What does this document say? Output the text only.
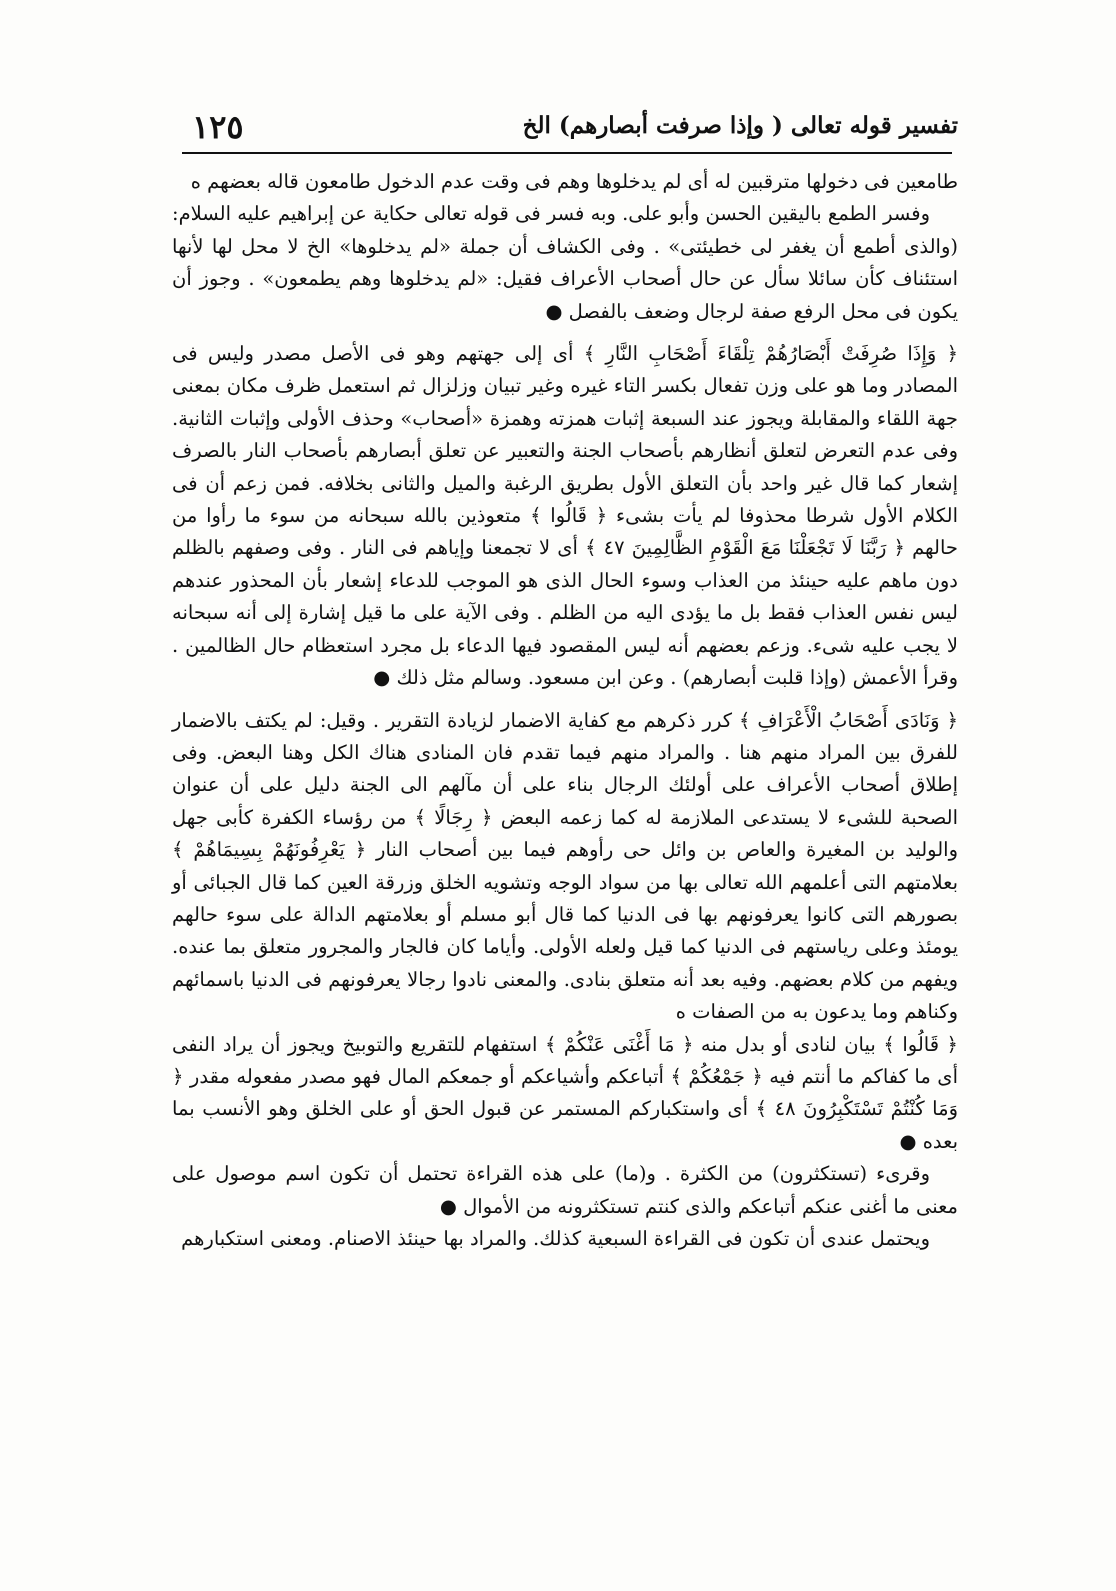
تفسير قوله تعالى ( وإذا صرفت أبصارهم) الخ
١٢٥

طامعين فى دخولها مترقبين له أى لم يدخلوها وهم فى وقت عدم الدخول طامعون قاله بعضهم ه

وفسر الطمع باليقين الحسن وأبو على. وبه فسر فى قوله تعالى حكاية عن إبراهيم عليه السلام: (والذى أطمع أن يغفر لى خطيئتى» . وفى الكشاف أن جملة «لم يدخلوها» الخ لا محل لها لأنها استئناف كأن سائلا سأل عن حال أصحاب الأعراف فقيل: «لم يدخلوها وهم يطمعون» . وجوز أن يكون فى محل الرفع صفة لرجال وضعف بالفصل ●

﴿ وَإِذَا صُرِفَتْ أَبْصَارُهُمْ تِلْقَاءَ أَصْحَابِ النَّارِ ﴾ أى إلى جهتهم وهو فى الأصل مصدر وليس فى المصادر وما هو على وزن تفعال بكسر التاء غيره وغير تبيان وزلزال ثم استعمل ظرف مكان بمعنى جهة اللقاء والمقابلة ويجوز عند السبعة إثبات همزته وهمزة «أصحاب» وحذف الأولى وإثبات الثانية. وفى عدم التعرض لتعلق أنظارهم بأصحاب الجنة والتعبير عن تعلق أبصارهم بأصحاب النار بالصرف إشعار كما قال غير واحد بأن التعلق الأول بطريق الرغبة والميل والثانى بخلافه. فمن زعم أن فى الكلام الأول شرطا محذوفا لم يأت بشىء ﴿ قَالُوا ﴾ متعوذين بالله سبحانه من سوء ما رأوا من حالهم ﴿ رَبَّنَا لَا تَجْعَلْنَا مَعَ الْقَوْمِ الظَّالِمِينَ ٤٧ ﴾ أى لا تجمعنا وإياهم فى النار . وفى وصفهم بالظلم دون ماهم عليه حينئذ من العذاب وسوء الحال الذى هو الموجب للدعاء إشعار بأن المحذور عندهم ليس نفس العذاب فقط بل ما يؤدى اليه من الظلم . وفى الآية على ما قيل إشارة إلى أنه سبحانه لا يجب عليه شىء. وزعم بعضهم أنه ليس المقصود فيها الدعاء بل مجرد استعظام حال الظالمين . وقرأ الأعمش (وإذا قلبت أبصارهم) . وعن ابن مسعود. وسالم مثل ذلك ●

﴿ وَنَادَى أَصْحَابُ الْأَعْرَافِ ﴾ كرر ذكرهم مع كفاية الاضمار لزيادة التقرير . وقيل: لم يكتف بالاضمار للفرق بين المراد منهم هنا . والمراد منهم فيما تقدم فان المنادى هناك الكل وهنا البعض. وفى إطلاق أصحاب الأعراف على أولئك الرجال بناء على أن مآلهم الى الجنة دليل على أن عنوان الصحبة للشىء لا يستدعى الملازمة له كما زعمه البعض ﴿ رِجَالًا ﴾ من رؤساء الكفرة كأبى جهل والوليد بن المغيرة والعاص بن وائل حى رأوهم فيما بين أصحاب النار ﴿ يَعْرِفُونَهُمْ بِسِيمَاهُمْ ﴾ بعلامتهم التى أعلمهم الله تعالى بها من سواد الوجه وتشويه الخلق وزرقة العين كما قال الجبائى أو بصورهم التى كانوا يعرفونهم بها فى الدنيا كما قال أبو مسلم أو بعلامتهم الدالة على سوء حالهم يومئذ وعلى رياستهم فى الدنيا كما قيل ولعله الأولى. وأياما كان فالجار والمجرور متعلق بما عنده. ويفهم من كلام بعضهم. وفيه بعد أنه متعلق بنادى. والمعنى نادوا رجالا يعرفونهم فى الدنيا باسمائهم وكناهم وما يدعون به من الصفات ه

﴿ قَالُوا ﴾ بيان لنادى أو بدل منه ﴿ مَا أَغْنَى عَنْكُمْ ﴾ استفهام للتقريع والتوبيخ ويجوز أن يراد النفى أى ما كفاكم ما أنتم فيه ﴿ جَمْعُكُمْ ﴾ أتباعكم وأشياعكم أو جمعكم المال فهو مصدر مفعوله مقدر ﴿ وَمَا كُنْتُمْ تَسْتَكْبِرُونَ ٤٨ ﴾ أى واستكباركم المستمر عن قبول الحق أو على الخلق وهو الأنسب بما بعده ●

وقرىء (تستكثرون) من الكثرة . و(ما) على هذه القراءة تحتمل أن تكون اسم موصول على معنى ما أغنى عنكم أتباعكم والذى كنتم تستكثرونه من الأموال ●

ويحتمل عندى أن تكون فى القراءة السبعية كذلك. والمراد بها حينئذ الاصنام. ومعنى استكبارهم
